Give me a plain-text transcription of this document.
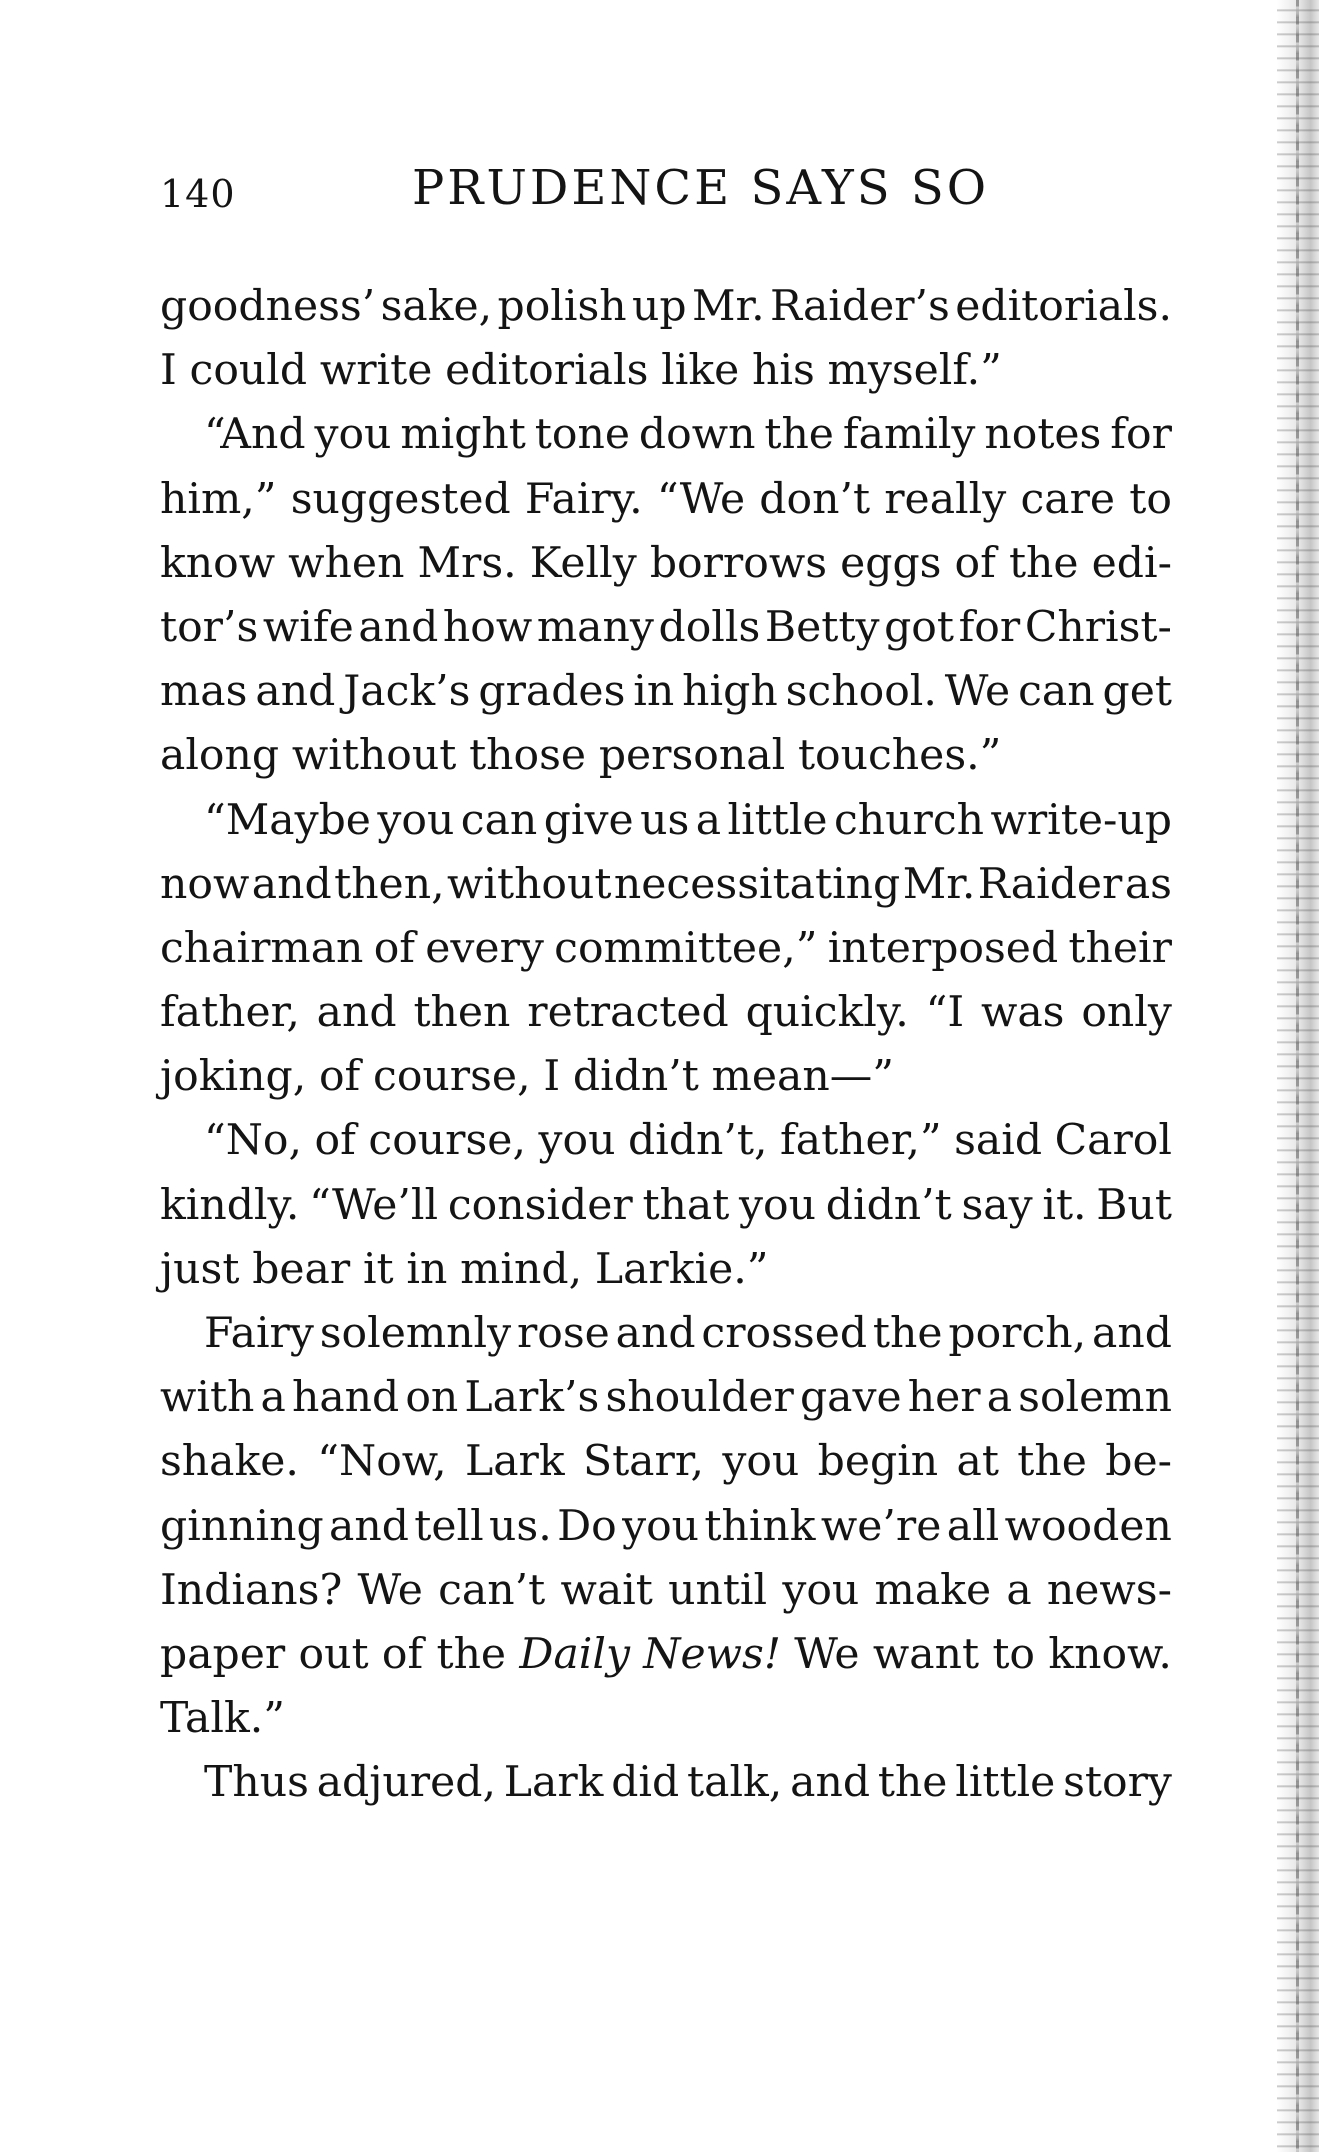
140	PRUDENCE SAYS SO
goodness’ sake, polish up Mr. Raider’s editorials.
I could write editorials like his myself.”
“And you might tone down the family notes for
him,” suggested Fairy. “We don’t really care to
know when Mrs. Kelly borrows eggs of the edi-
tor’s wife and how many dolls Betty got for Christ-
mas and Jack’s grades in high school. We can get
along without those personal touches.”
“Maybe you can give us a little church write-up
now and then, without necessitating Mr. Raider as
chairman of every committee,” interposed their
father, and then retracted quickly. “I was only
joking, of course, I didn’t mean—”
“No, of course, you didn’t, father,” said Carol
kindly. “We’ll consider that you didn’t say it. But
just bear it in mind, Larkie.”
Fairy solemnly rose and crossed the porch, and
with a hand on Lark’s shoulder gave her a solemn
shake. “Now, Lark Starr, you begin at the be-
ginning and tell us. Do you think we’re all wooden
Indians? We can’t wait until you make a news-
paper out of the Daily News! We want to know.
Talk.”
Thus adjured, Lark did talk, and the little story
